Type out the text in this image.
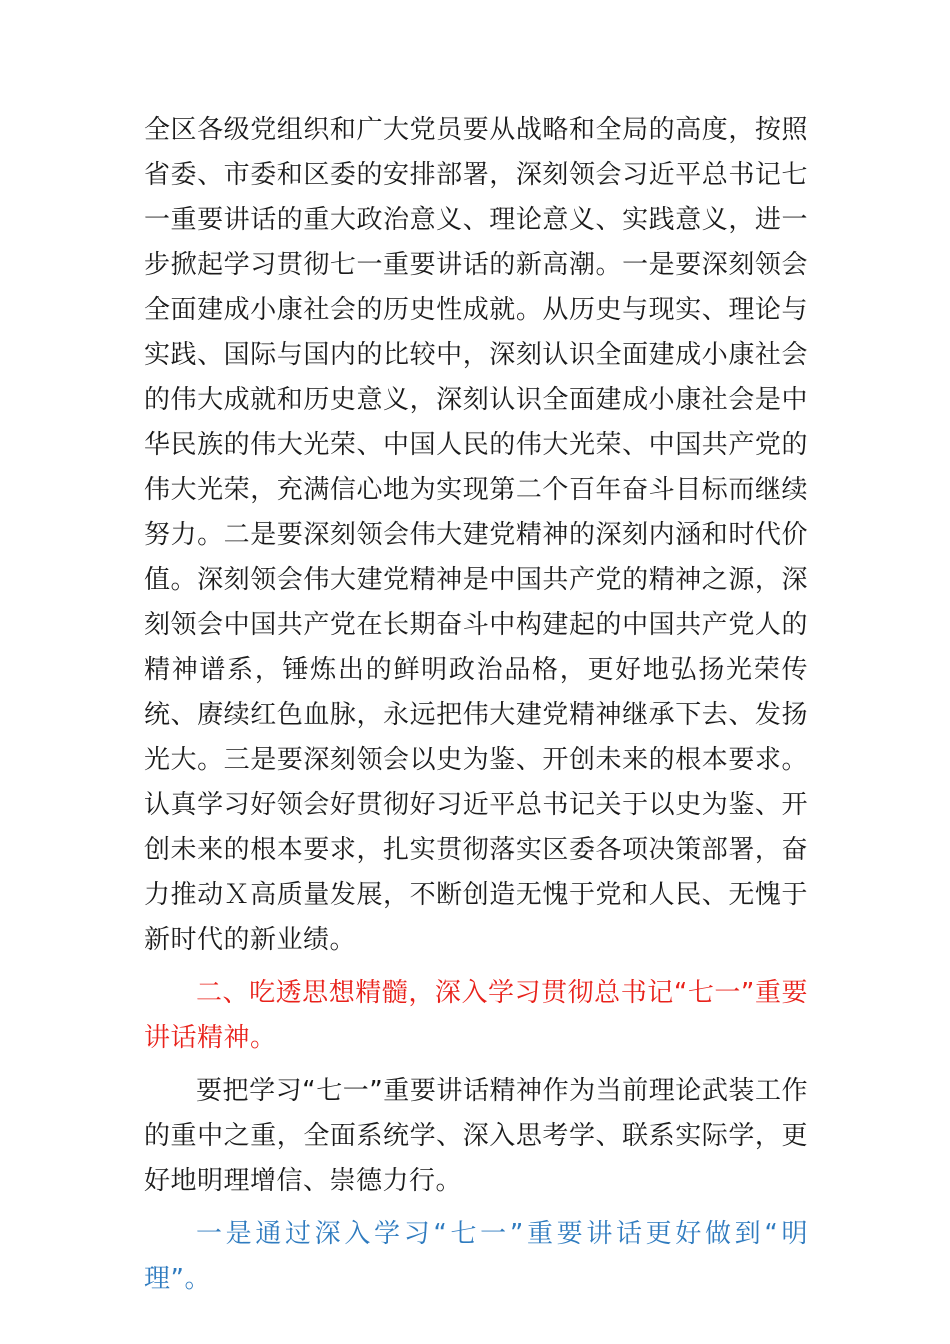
全区各级党组织和广大党员要从战略和全局的高度，按照省委、市委和区委的安排部署，深刻领会习近平总书记七一重要讲话的重大政治意义、理论意义、实践意义，进一步掀起学习贯彻七一重要讲话的新高潮。一是要深刻领会全面建成小康社会的历史性成就。从历史与现实、理论与实践、国际与国内的比较中，深刻认识全面建成小康社会的伟大成就和历史意义，深刻认识全面建成小康社会是中华民族的伟大光荣、中国人民的伟大光荣、中国共产党的伟大光荣，充满信心地为实现第二个百年奋斗目标而继续努力。二是要深刻领会伟大建党精神的深刻内涵和时代价值。深刻领会伟大建党精神是中国共产党的精神之源，深刻领会中国共产党在长期奋斗中构建起的中国共产党人的精神谱系，锤炼出的鲜明政治品格，更好地弘扬光荣传统、赓续红色血脉，永远把伟大建党精神继承下去、发扬光大。三是要深刻领会以史为鉴、开创未来的根本要求。认真学习好领会好贯彻好习近平总书记关于以史为鉴、开创未来的根本要求，扎实贯彻落实区委各项决策部署，奋力推动Ｘ高质量发展，不断创造无愧于党和人民、无愧于新时代的新业绩。

二、吃透思想精髓，深入学习贯彻总书记“七一”重要讲话精神。

要把学习“七一”重要讲话精神作为当前理论武装工作的重中之重，全面系统学、深入思考学、联系实际学，更好地明理增信、崇德力行。

一是通过深入学习“七一”重要讲话更好做到“明理”。
